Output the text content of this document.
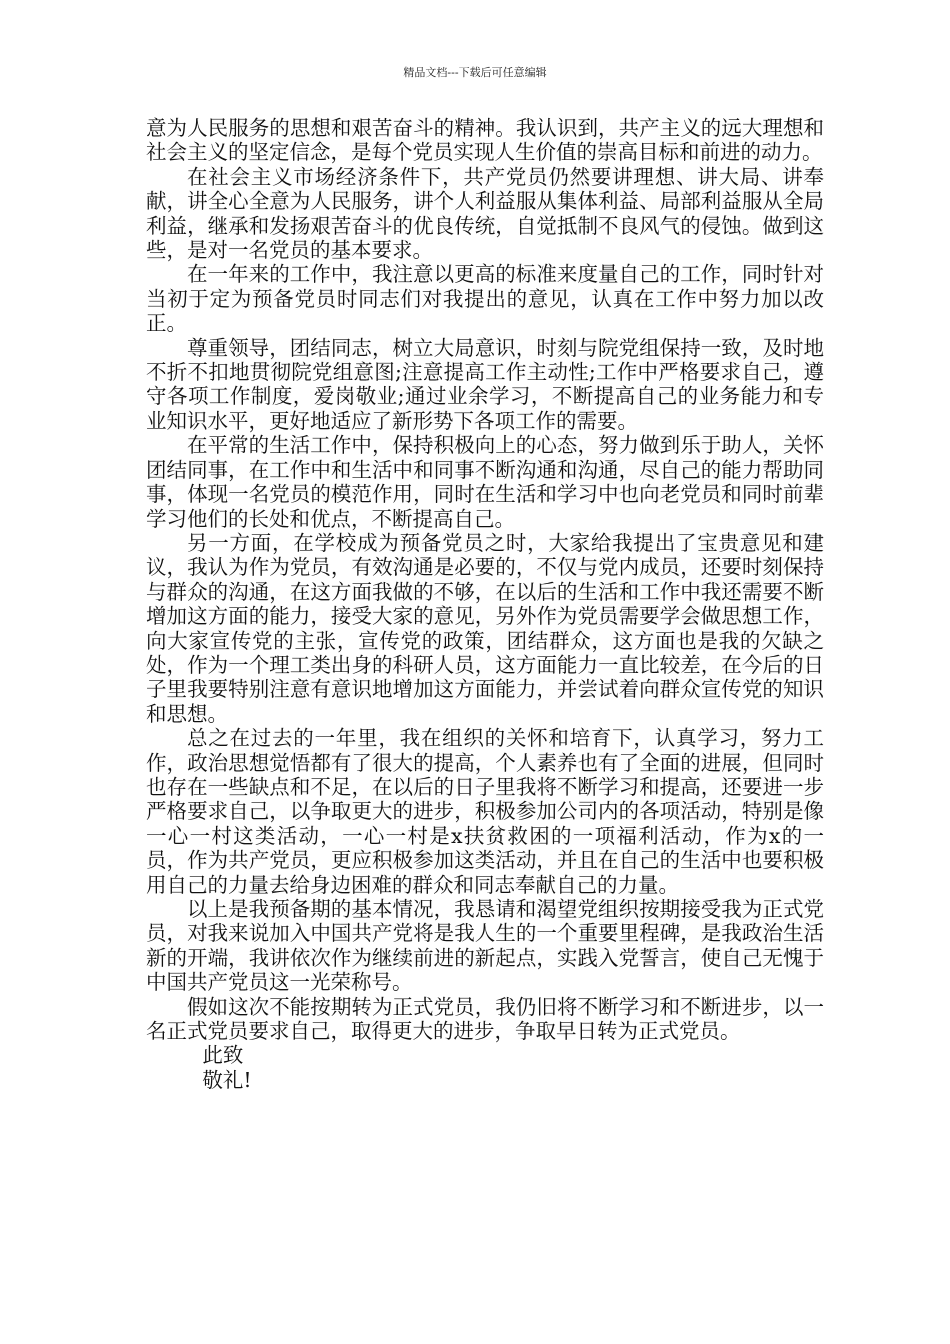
精品文档---下载后可任意编辑

意为人民服务的思想和艰苦奋斗的精神。我认识到，共产主义的远大理想和社会主义的坚定信念，是每个党员实现人生价值的崇高目标和前进的动力。

在社会主义市场经济条件下，共产党员仍然要讲理想、讲大局、讲奉献，讲全心全意为人民服务，讲个人利益服从集体利益、局部利益服从全局利益，继承和发扬艰苦奋斗的优良传统，自觉抵制不良风气的侵蚀。做到这些，是对一名党员的基本要求。

在一年来的工作中，我注意以更高的标准来度量自己的工作，同时针对当初于定为预备党员时同志们对我提出的意见，认真在工作中努力加以改正。

尊重领导，团结同志，树立大局意识，时刻与院党组保持一致，及时地不折不扣地贯彻院党组意图;注意提高工作主动性;工作中严格要求自己，遵守各项工作制度，爱岗敬业;通过业余学习，不断提高自己的业务能力和专业知识水平，更好地适应了新形势下各项工作的需要。

在平常的生活工作中，保持积极向上的心态，努力做到乐于助人，关怀团结同事，在工作中和生活中和同事不断沟通和沟通，尽自己的能力帮助同事，体现一名党员的模范作用，同时在生活和学习中也向老党员和同时前辈学习他们的长处和优点，不断提高自己。

另一方面，在学校成为预备党员之时，大家给我提出了宝贵意见和建议，我认为作为党员，有效沟通是必要的，不仅与党内成员，还要时刻保持与群众的沟通，在这方面我做的不够，在以后的生活和工作中我还需要不断增加这方面的能力，接受大家的意见，另外作为党员需要学会做思想工作，向大家宣传党的主张，宣传党的政策，团结群众，这方面也是我的欠缺之处，作为一个理工类出身的科研人员，这方面能力一直比较差，在今后的日子里我要特别注意有意识地增加这方面能力，并尝试着向群众宣传党的知识和思想。

总之在过去的一年里，我在组织的关怀和培育下，认真学习，努力工作，政治思想觉悟都有了很大的提高，个人素养也有了全面的进展，但同时也存在一些缺点和不足，在以后的日子里我将不断学习和提高，还要进一步严格要求自己，以争取更大的进步，积极参加公司内的各项活动，特别是像一心一村这类活动，一心一村是x扶贫救困的一项福利活动，作为x的一员，作为共产党员，更应积极参加这类活动，并且在自己的生活中也要积极用自己的力量去给身边困难的群众和同志奉献自己的力量。

以上是我预备期的基本情况，我恳请和渴望党组织按期接受我为正式党员，对我来说加入中国共产党将是我人生的一个重要里程碑，是我政治生活新的开端，我讲依次作为继续前进的新起点，实践入党誓言，使自己无愧于中国共产党员这一光荣称号。

假如这次不能按期转为正式党员，我仍旧将不断学习和不断进步，以一名正式党员要求自己，取得更大的进步，争取早日转为正式党员。

此致

敬礼!
